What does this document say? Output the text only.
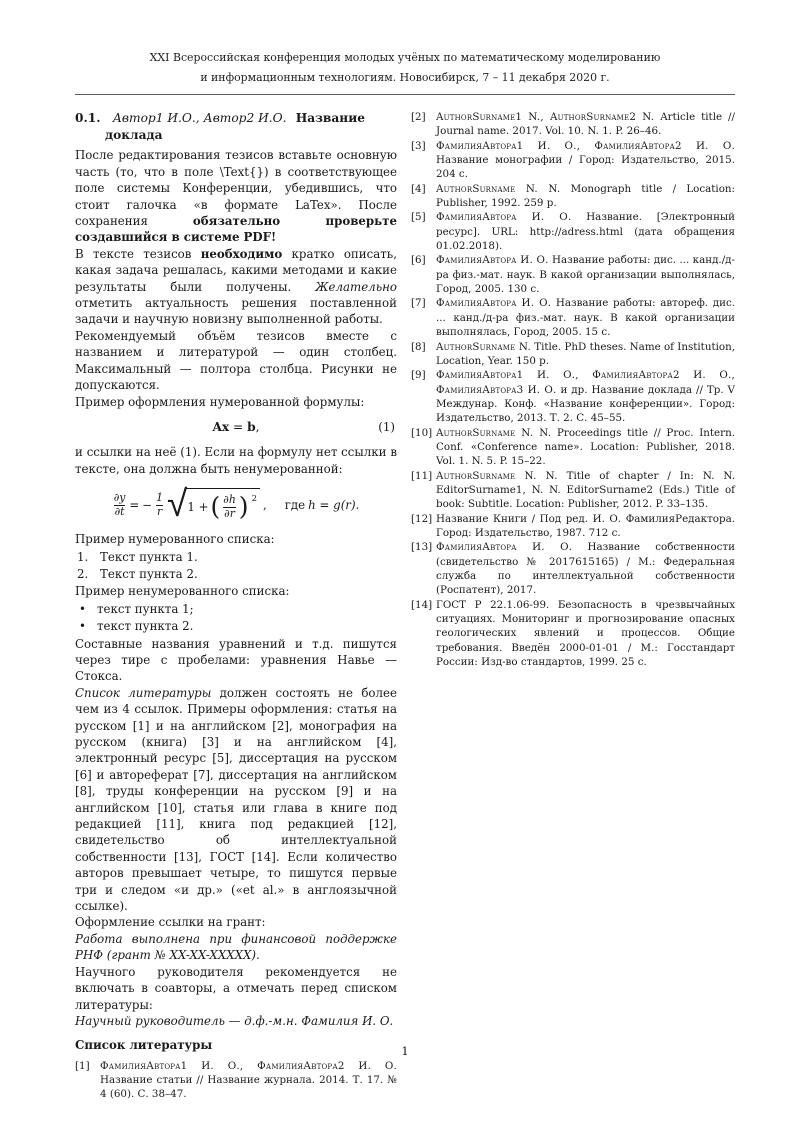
XXI Всероссийская конференция молодых учёных по математическому моделированию
и информационным технологиям. Новосибирск, 7 – 11 декабря 2020 г.
0.1. Автор1 И.О., Автор2 И.О. Название доклада

После редактирования тезисов вставьте основную часть (то, что в поле \Text{}) в соответствующее поле системы Конференции, убедившись, что стоит галочка «в формате LaTex». После сохранения обязательно проверьте создавшийся в системе PDF!

В тексте тезисов необходимо кратко описать, какая задача решалась, какими методами и какие результаты были получены. Желательно отметить актуальность решения поставленной задачи и научную новизну выполненной работы.

Рекомендуемый объём тезисов вместе с названием и литературой — один столбец. Максимальный — полтора столбца. Рисунки не допускаются.

Пример оформления нумерованной формулы:

Ax = b,	(1)

и ссылки на неё (1). Если на формулу нет ссылки в тексте, она должна быть ненумерованной:

$\frac{\partial y}{\partial t}$ = − $\frac{1}{r}$ √ 1 + ( $\frac{\partial h}{\partial r}$ ) 2 , где h = g(r).

Пример нумерованного списка:

1. Текст пункта 1.
2. Текст пункта 2.

Пример ненумерованного списка:

• текст пункта 1;
• текст пункта 2.

Составные названия уравнений и т.д. пишутся через тире с пробелами: уравнения Навье — Стокса.

Список литературы должен состоять не более чем из 4 ссылок. Примеры оформления: статья на русском [1] и на английском [2], монография на русском (книга) [3] и на английском [4], электронный ресурс [5], диссертация на русском [6] и автореферат [7], диссертация на английском [8], труды конференции на русском [9] и на английском [10], статья или глава в книге под редакцией [11], книга под редакцией [12], свидетельство об интеллектуальной собственности [13], ГОСТ [14]. Если количество авторов превышает четыре, то пишутся первые три и следом «и др.» («et al.» в англоязычной ссылке).

Оформление ссылки на грант:

Работа выполнена при финансовой поддержке РНФ (грант № XX-XX-XXXXX).

Научного руководителя рекомендуется не включать в соавторы, а отмечать перед списком литературы:

Научный руководитель — д.ф.-м.н. Фамилия И. О.

Список литературы
[1]	ФамилияАвтора1 И. О., ФамилияАвтора2 И. О. Название статьи // Название журнала. 2014. Т. 17. № 4 (60). С. 38–47.
[2]	AuthorSurname1 N., AuthorSurname2 N. Article title // Journal name. 2017. Vol. 10. N. 1. P. 26–46.
[3]	ФамилияАвтора1 И. О., ФамилияАвтора2 И. О. Название монографии / Город: Издательство, 2015. 204 с.
[4]	AuthorSurname N. N. Monograph title / Location: Publisher, 1992. 259 p.
[5]	ФамилияАвтора И. О. Название. [Электронный ресурс]. URL: http://adress.html (дата обращения 01.02.2018).
[6]	ФамилияАвтора И. О. Название работы: дис. ... канд./д-ра физ.-мат. наук. В какой организации выполнялась, Город, 2005. 130 с.
[7]	ФамилияАвтора И. О. Название работы: автореф. дис. ... канд./д-ра физ.-мат. наук. В какой организации выполнялась, Город, 2005. 15 с.
[8]	AuthorSurname N. Title. PhD theses. Name of Institution, Location, Year. 150 p.
[9]	ФамилияАвтора1 И. О., ФамилияАвтора2 И. О., ФамилияАвтора3 И. О. и др. Название доклада // Тр. V Междунар. Конф. «Название конференции». Город: Издательство, 2013. Т. 2. С. 45–55.
[10] AuthorSurname N. N. Proceedings title // Proc. Intern. Conf. «Conference name». Location: Publisher, 2018. Vol. 1. N. 5. P. 15–22.
[11] AuthorSurname N. N. Title of chapter / In: N. N. EditorSurname1, N. N. EditorSurname2 (Eds.) Title of book: Subtitle. Location: Publisher, 2012. P. 33–135.
[12] Название Книги / Под ред. И. О. ФамилияРедактора. Город: Издательство, 1987. 712 с.
[13] ФамилияАвтора И. О. Название собственности (свидетельство № 2017615165) / М.: Федеральная служба по интеллектуальной собственности (Роспатент), 2017.
[14] ГОСТ Р 22.1.06-99. Безопасность в чрезвычайных ситуациях. Мониторинг и прогнозирование опасных геологических явлений и процессов. Общие требования. Введён 2000-01-01 / М.: Госстандарт России: Изд-во стандартов, 1999. 25 с.
1
